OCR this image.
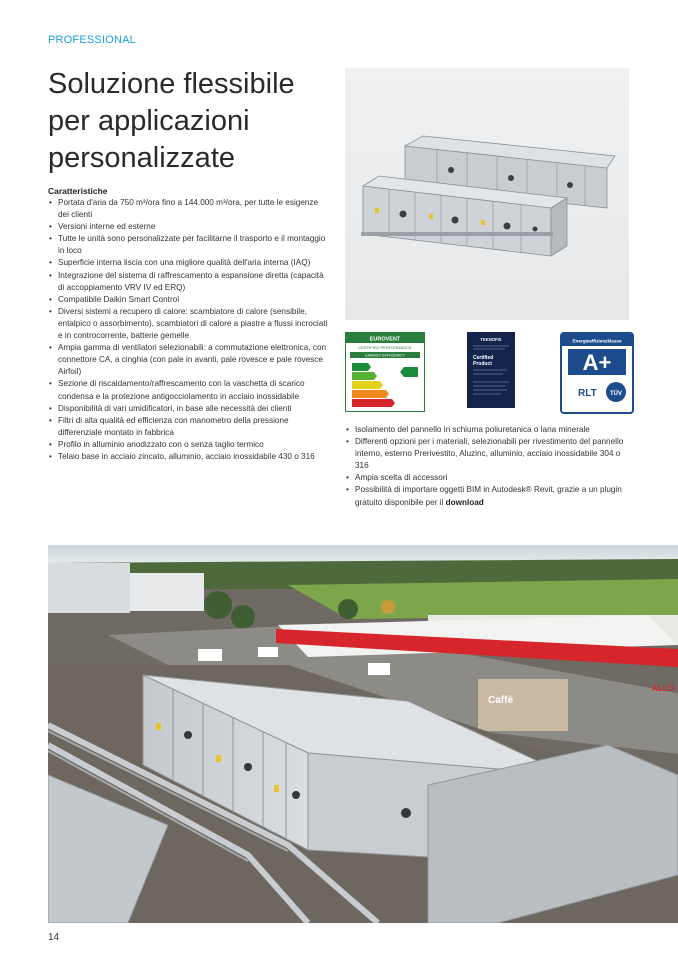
PROFESSIONAL
Soluzione flessibile
per applicazioni
personalizzate
Caratteristiche
• Portata d'aria da 750 m³/ora fino a 144.000 m³/ora, per tutte le esigenze dei clienti
• Versioni interne ed esterne
• Tutte le unità sono personalizzate per facilitarne il trasporto e il montaggio in loco
• Superficie interna liscia con una migliore qualità dell'aria interna (IAQ)
• Integrazione del sistema di raffrescamento a espansione diretta (capacità di accoppiamento VRV IV ed ERQ)
• Compatibile Daikin Smart Control
• Diversi sistemi a recupero di calore: scambiatore di calore (sensibile, entalpico o assorbimento), scambiatori di calore a piastre a flussi incrociati e in controcorrente, batterie gemelle
• Ampia gamma di ventilatori selezionabili: a commutazione elettronica, con connettore CA, a cinghia (con pale in avanti, pale rovesce e pale rovesce Airfoil)
• Sezione di riscaldamento/raffrescamento con la vaschetta di scarico condensa e la protezione antigocciolamento in acciaio inossidabile
• Disponibilità di vari umidificatori, in base alle necessità dei clienti
• Filtri di alta qualità ed efficienza con manometro della pressione differenziale montato in fabbrica
• Profilo in alluminio anodizzato con o senza taglio termico
• Telaio base in acciaio zincato, alluminio, acciaio inossidabile 430 o 316
EUROVENT
CERTIFIED PERFORMANCE
ENERGY EFFICIENCY
TEKNOFIX
Certified
Product
Energieeffizienzklasse
A+
RLT TÜV
• Isolamento del pannello in schiuma poliuretanica o lana minerale
• Differenti opzioni per i materiali, selezionabili per rivestimento del pannello interno, esterno Prerivestito, Aluzinc, alluminio, acciaio inossidabile 304 o 316
• Ampia scelta di accessori
• Possibilità di importare oggetti BIM in Autodesk® Revit, grazie a un plugin gratuito disponibile per il download
Caffè
ALLO
14
